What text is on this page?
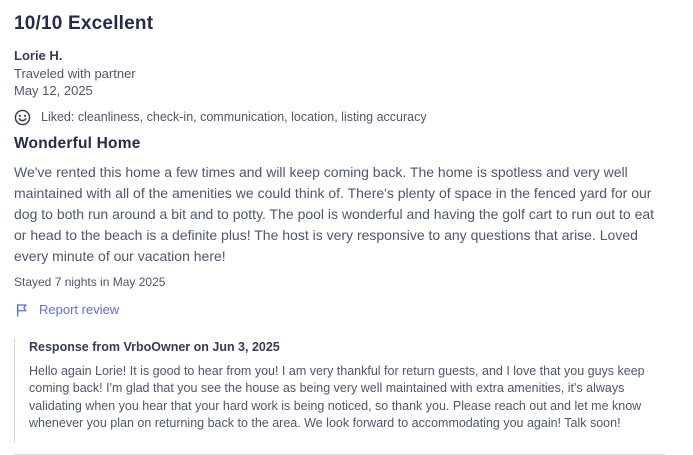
10/10 Excellent
Lorie H.
Traveled with partner
May 12, 2025
Liked: cleanliness, check-in, communication, location, listing accuracy
Wonderful Home

We've rented this home a few times and will keep coming back. The home is spotless and very well maintained with all of the amenities we could think of. There's plenty of space in the fenced yard for our dog to both run around a bit and to potty. The pool is wonderful and having the golf cart to run out to eat or head to the beach is a definite plus! The host is very responsive to any questions that arise. Loved every minute of our vacation here!

Stayed 7 nights in May 2025
Report review
Response from VrboOwner on Jun 3, 2025

Hello again Lorie! It is good to hear from you! I am very thankful for return guests, and I love that you guys keep coming back! I'm glad that you see the house as being very well maintained with extra amenities, it's always validating when you hear that your hard work is being noticed, so thank you. Please reach out and let me know whenever you plan on returning back to the area. We look forward to accommodating you again! Talk soon!
